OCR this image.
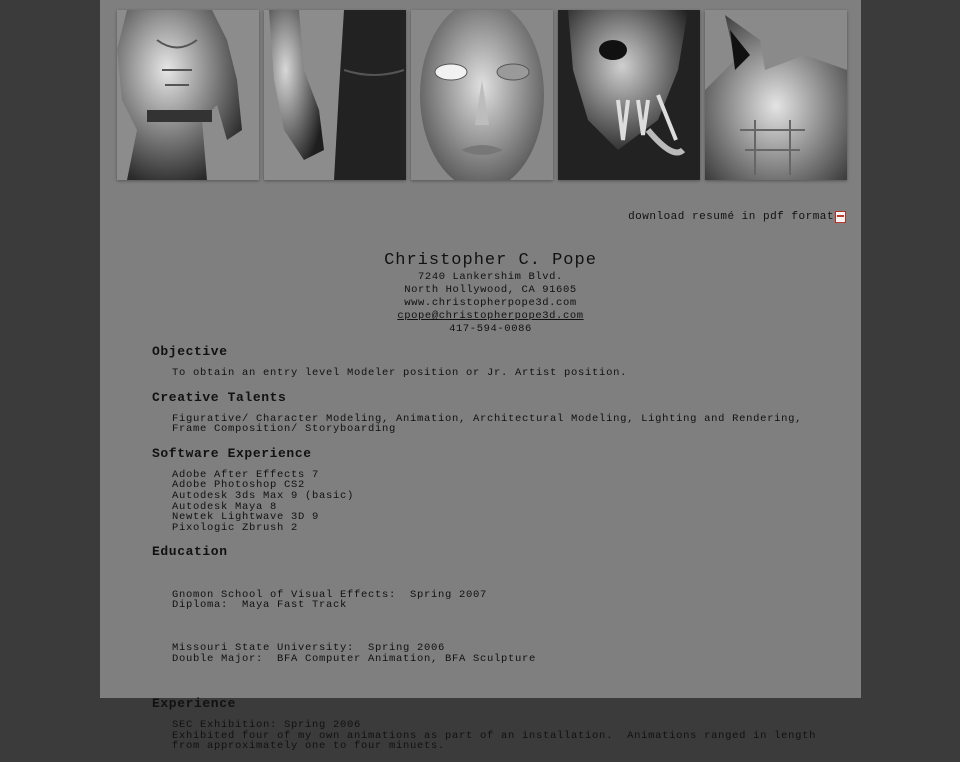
download resumé in pdf format
Christopher C. Pope
7240 Lankershim Blvd.
North Hollywood, CA 91605
www.christopherpope3d.com
cpope@christopherpope3d.com
417-594-0086
Objective
To obtain an entry level Modeler position or Jr. Artist position.
Creative Talents
Figurative/ Character Modeling, Animation, Architectural Modeling, Lighting and Rendering,
Frame Composition/ Storyboarding
Software Experience
Adobe After Effects 7
Adobe Photoshop CS2
Autodesk 3ds Max 9 (basic)
Autodesk Maya 8
Newtek Lightwave 3D 9
Pixologic Zbrush 2
Education

Gnomon School of Visual Effects:  Spring 2007
Diploma:  Maya Fast Track

Missouri State University:  Spring 2006
Double Major:  BFA Computer Animation, BFA Sculpture

Experience
SEC Exhibition: Spring 2006
Exhibited four of my own animations as part of an installation.  Animations ranged in length
from approximately one to four minuets.
